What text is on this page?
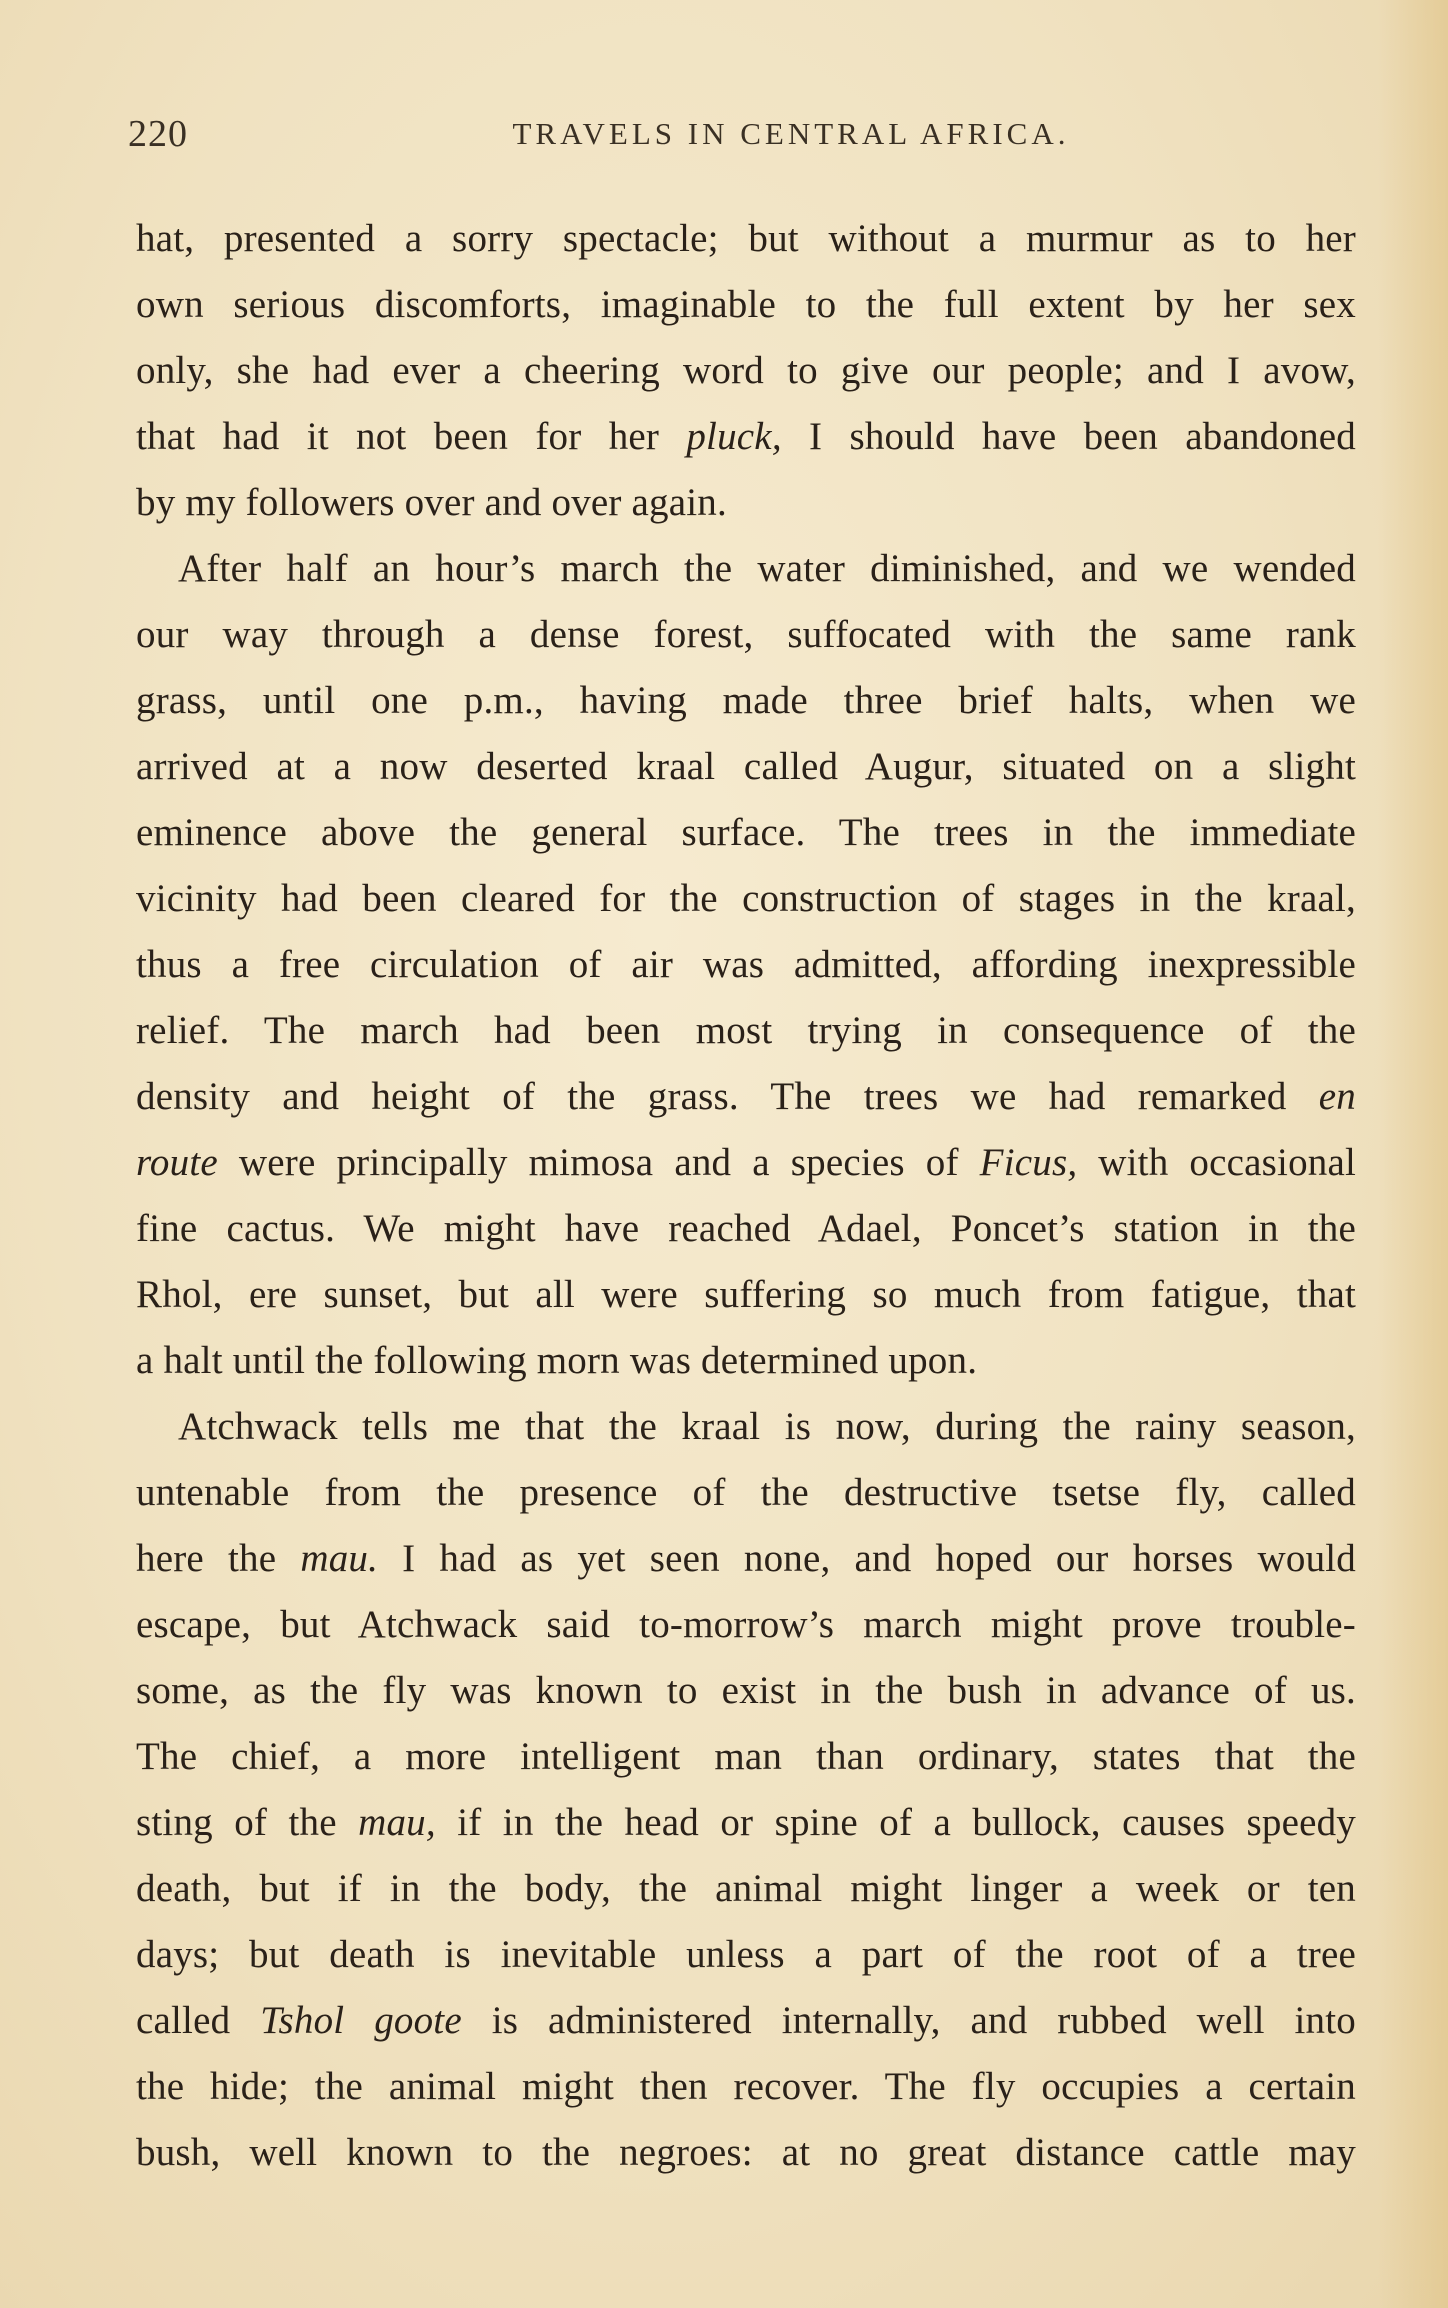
220	TRAVELS IN CENTRAL AFRICA.
hat, presented a sorry spectacle; but without a murmur as to her
own serious discomforts, imaginable to the full extent by her sex
only, she had ever a cheering word to give our people; and I avow,
that had it not been for her pluck, I should have been abandoned
by my followers over and over again.
After half an hour’s march the water diminished, and we wended
our way through a dense forest, suffocated with the same rank
grass, until one p.m., having made three brief halts, when we
arrived at a now deserted kraal called Augur, situated on a slight
eminence above the general surface. The trees in the immediate
vicinity had been cleared for the construction of stages in the kraal,
thus a free circulation of air was admitted, affording inexpressible
relief. The march had been most trying in consequence of the
density and height of the grass. The trees we had remarked en
route were principally mimosa and a species of Ficus, with occasional
fine cactus. We might have reached Adael, Poncet’s station in the
Rhol, ere sunset, but all were suffering so much from fatigue, that
a halt until the following morn was determined upon.
Atchwack tells me that the kraal is now, during the rainy season,
untenable from the presence of the destructive tsetse fly, called
here the mau. I had as yet seen none, and hoped our horses would
escape, but Atchwack said to-morrow’s march might prove trouble-
some, as the fly was known to exist in the bush in advance of us.
The chief, a more intelligent man than ordinary, states that the
sting of the mau, if in the head or spine of a bullock, causes speedy
death, but if in the body, the animal might linger a week or ten
days; but death is inevitable unless a part of the root of a tree
called Tshol goote is administered internally, and rubbed well into
the hide; the animal might then recover. The fly occupies a certain
bush, well known to the negroes: at no great distance cattle may
